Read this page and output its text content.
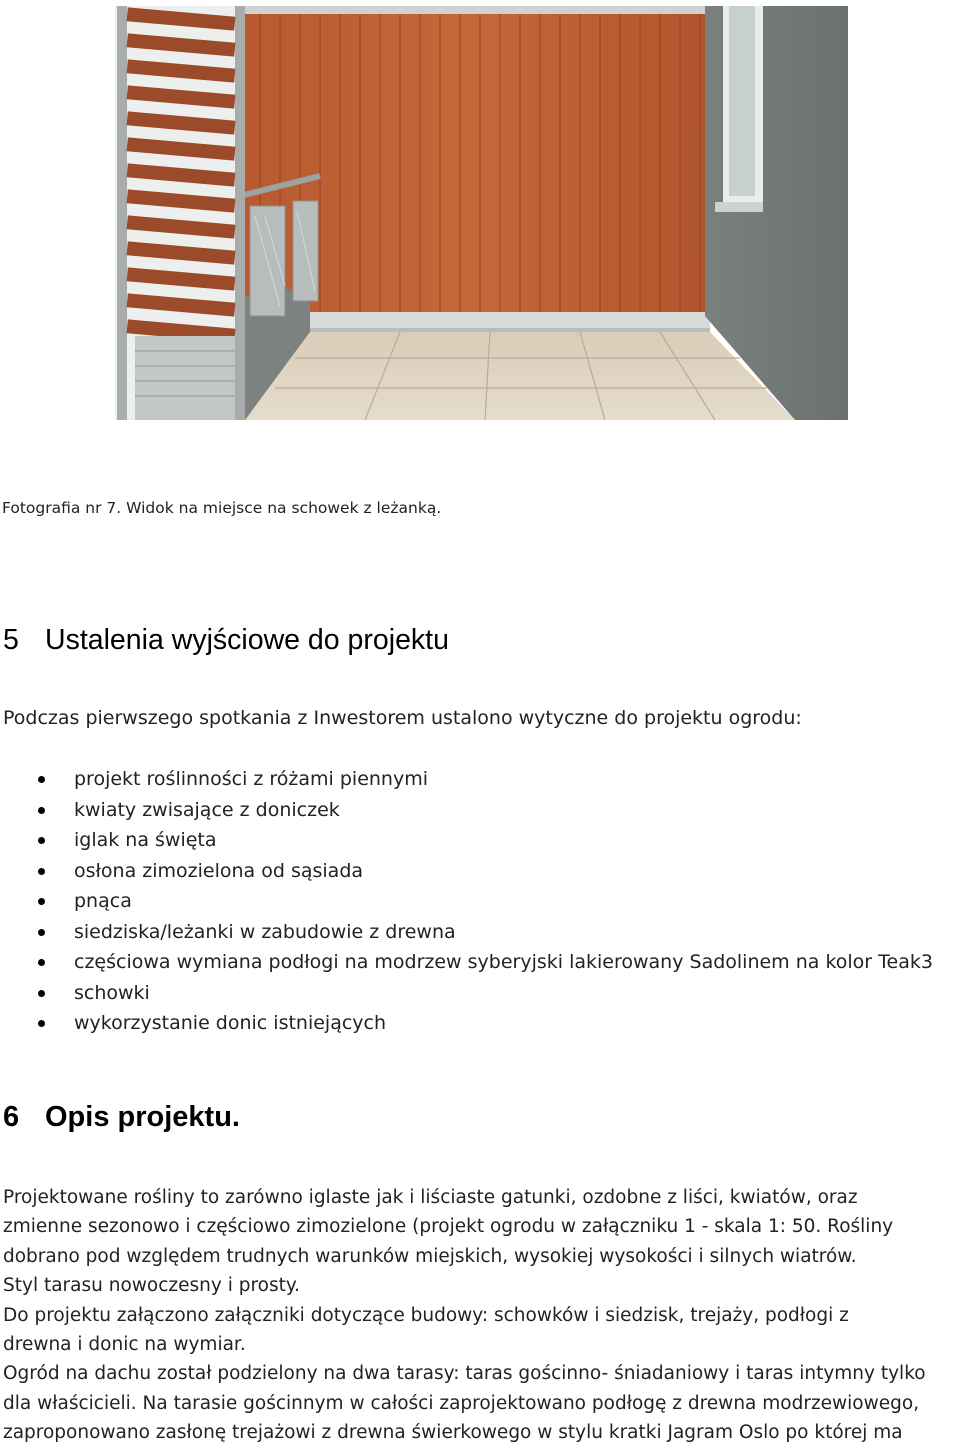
Fotografia nr 7. Widok na miejsce na schowek z leżanką.
5 Ustalenia wyjściowe do projektu
Podczas pierwszego spotkania z Inwestorem ustalono wytyczne do projektu ogrodu:
projekt roślinności z różami piennymi
kwiaty zwisające z doniczek
iglak na święta
osłona zimozielona od sąsiada
pnąca
siedziska/leżanki w zabudowie z drewna
częściowa wymiana podłogi na modrzew syberyjski lakierowany Sadolinem na kolor Teak3
schowki
wykorzystanie donic istniejących
6 Opis projektu.

Projektowane rośliny to zarówno iglaste jak i liściaste gatunki, ozdobne z liści, kwiatów, oraz

zmienne sezonowo i częściowo zimozielone (projekt ogrodu w załączniku 1 - skala 1: 50. Rośliny

dobrano pod względem trudnych warunków miejskich, wysokiej wysokości i silnych wiatrów.

Styl tarasu nowoczesny i prosty.

Do projektu załączono załączniki dotyczące budowy: schowków i siedzisk, trejaży, podłogi z

drewna i donic na wymiar.

Ogród na dachu został podzielony na dwa tarasy: taras gościnno- śniadaniowy i taras intymny tylko

dla właścicieli. Na tarasie gościnnym w całości zaprojektowano podłogę z drewna modrzewiowego,

zaproponowano zasłonę trejażowi z drewna świerkowego w stylu kratki Jagram Oslo po której ma
